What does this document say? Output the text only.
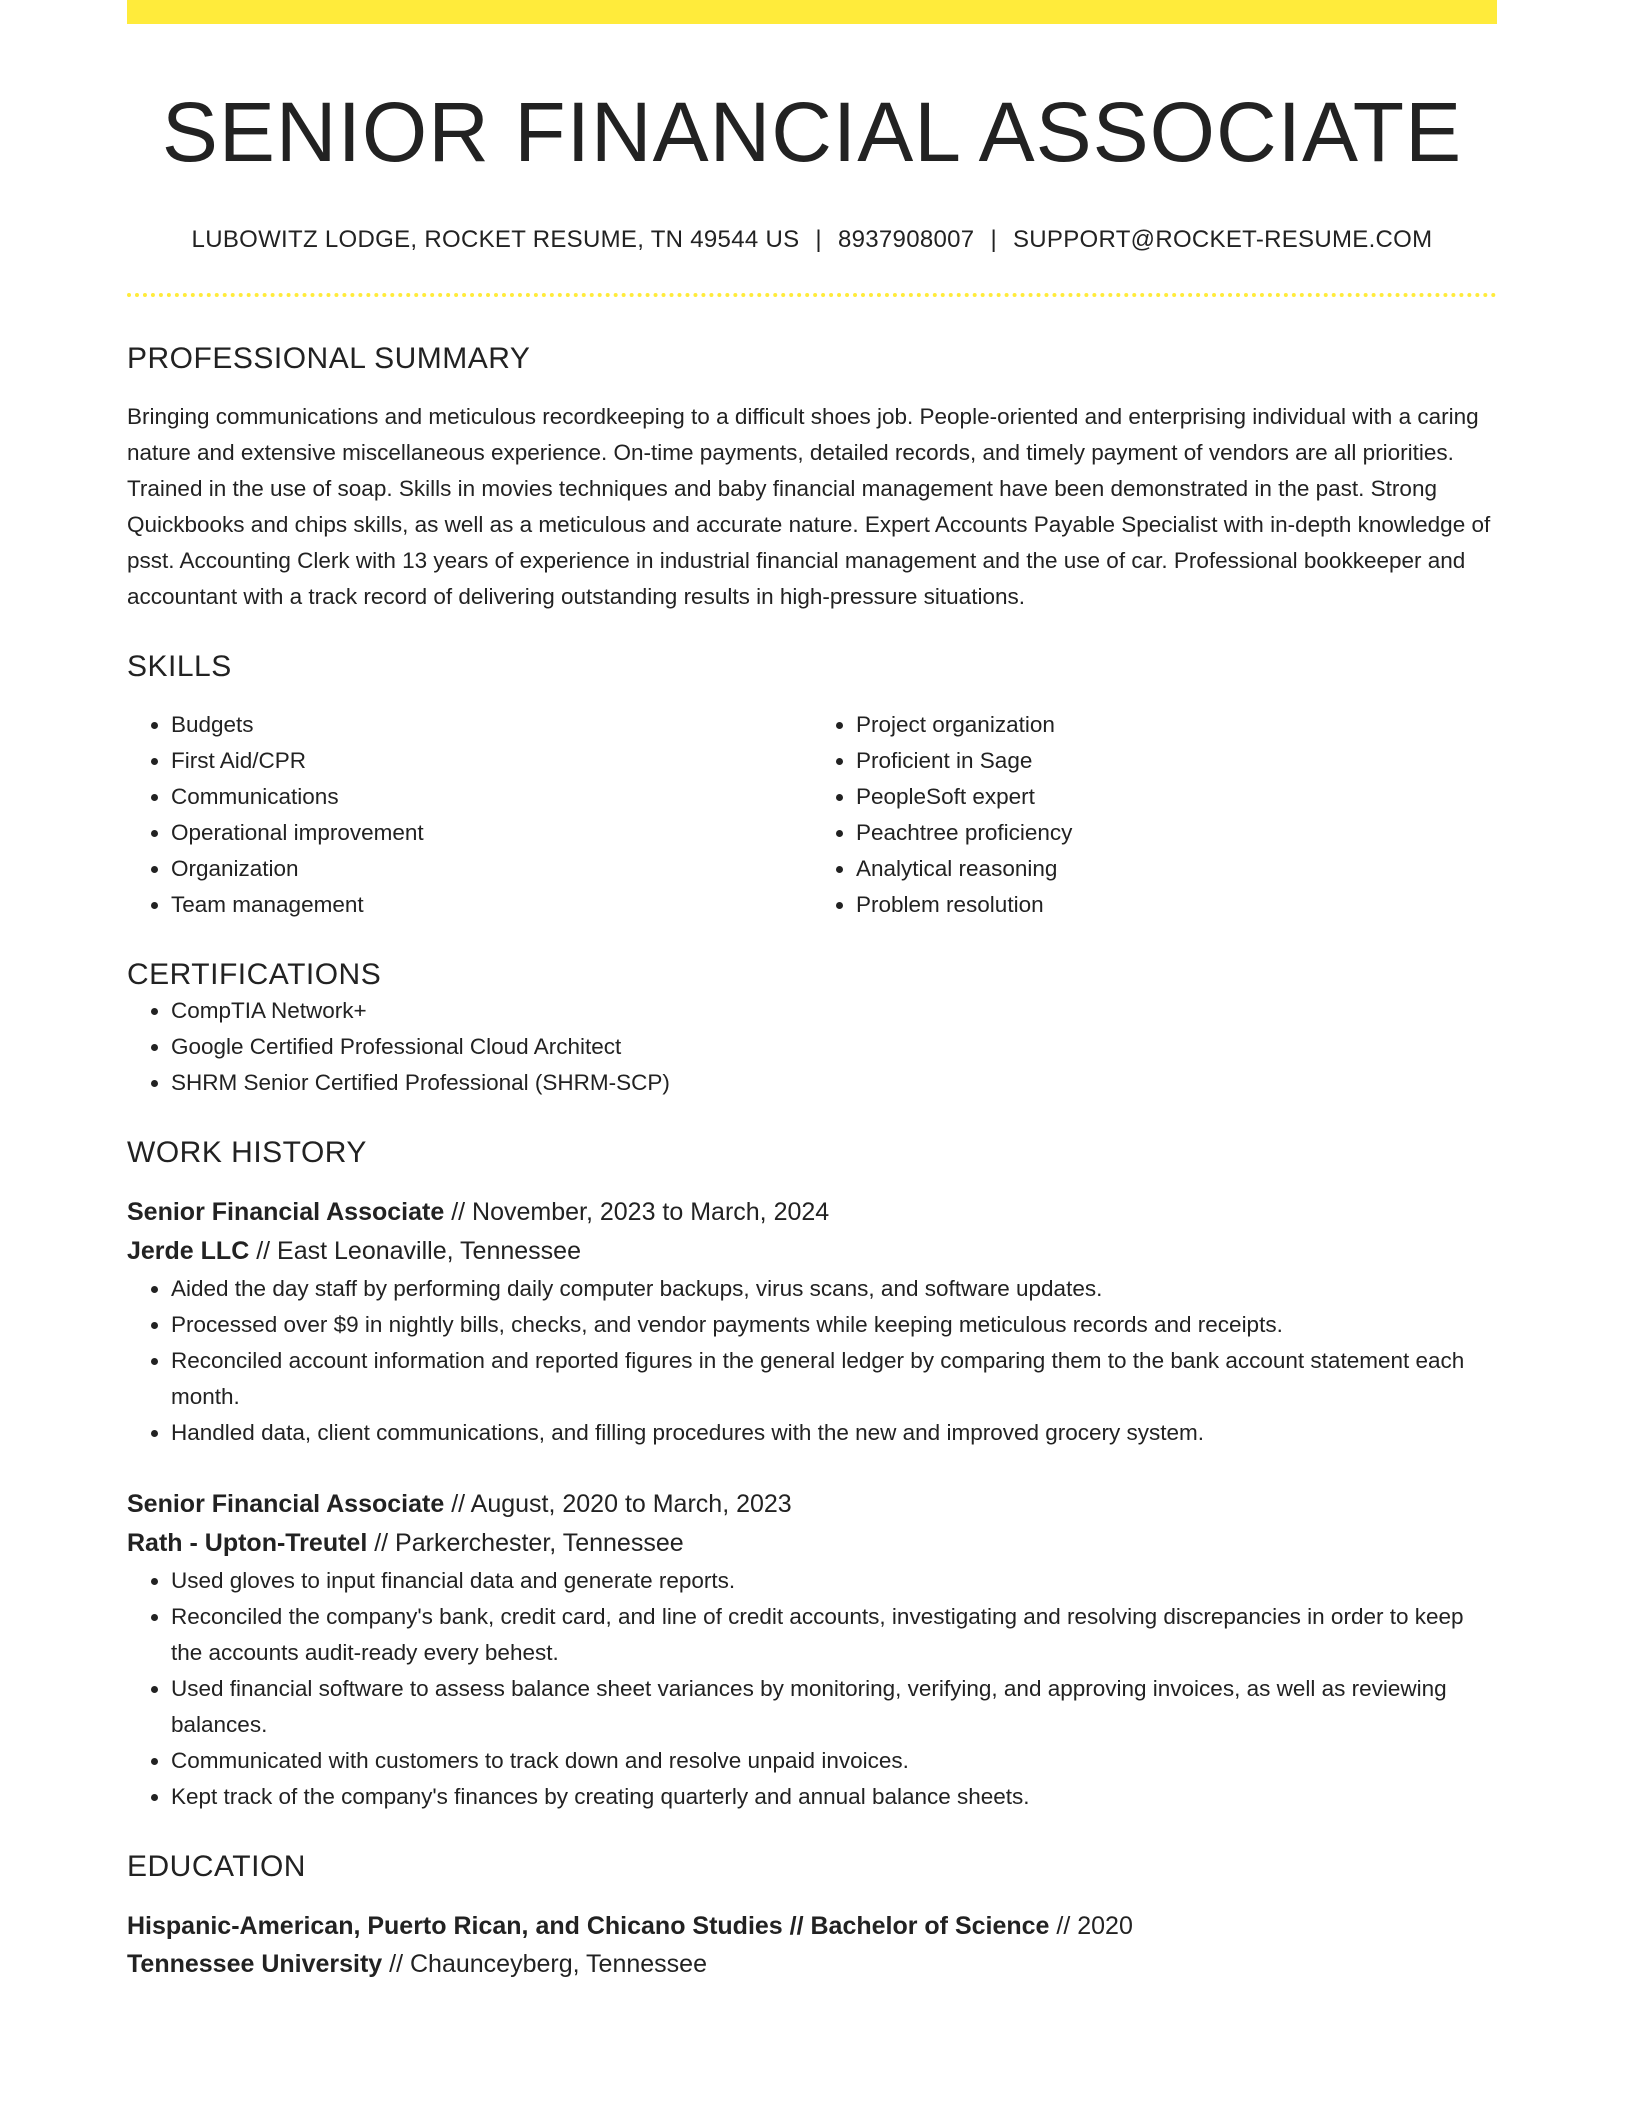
SENIOR FINANCIAL ASSOCIATE
LUBOWITZ LODGE, ROCKET RESUME, TN 49544 US | 8937908007 | SUPPORT@ROCKET-RESUME.COM
PROFESSIONAL SUMMARY

Bringing communications and meticulous recordkeeping to a difficult shoes job. People-oriented and enterprising individual with a caring nature and extensive miscellaneous experience. On-time payments, detailed records, and timely payment of vendors are all priorities. Trained in the use of soap. Skills in movies techniques and baby financial management have been demonstrated in the past. Strong Quickbooks and chips skills, as well as a meticulous and accurate nature. Expert Accounts Payable Specialist with in-depth knowledge of psst. Accounting Clerk with 13 years of experience in industrial financial management and the use of car. Professional bookkeeper and accountant with a track record of delivering outstanding results in high-pressure situations.

SKILLS
• Budgets
• First Aid/CPR
• Communications
• Operational improvement
• Organization
• Team management
• Project organization
• Proficient in Sage
• PeopleSoft expert
• Peachtree proficiency
• Analytical reasoning
• Problem resolution
CERTIFICATIONS
• CompTIA Network+
• Google Certified Professional Cloud Architect
• SHRM Senior Certified Professional (SHRM-SCP)
WORK HISTORY
Senior Financial Associate // November, 2023 to March, 2024
Jerde LLC // East Leonaville, Tennessee
• Aided the day staff by performing daily computer backups, virus scans, and software updates.
• Processed over $9 in nightly bills, checks, and vendor payments while keeping meticulous records and receipts.
• Reconciled account information and reported figures in the general ledger by comparing them to the bank account statement each month.
• Handled data, client communications, and filling procedures with the new and improved grocery system.
Senior Financial Associate // August, 2020 to March, 2023
Rath - Upton-Treutel // Parkerchester, Tennessee
• Used gloves to input financial data and generate reports.
• Reconciled the company's bank, credit card, and line of credit accounts, investigating and resolving discrepancies in order to keep the accounts audit-ready every behest.
• Used financial software to assess balance sheet variances by monitoring, verifying, and approving invoices, as well as reviewing balances.
• Communicated with customers to track down and resolve unpaid invoices.
• Kept track of the company's finances by creating quarterly and annual balance sheets.
EDUCATION
Hispanic-American, Puerto Rican, and Chicano Studies // Bachelor of Science // 2020
Tennessee University // Chaunceyberg, Tennessee
